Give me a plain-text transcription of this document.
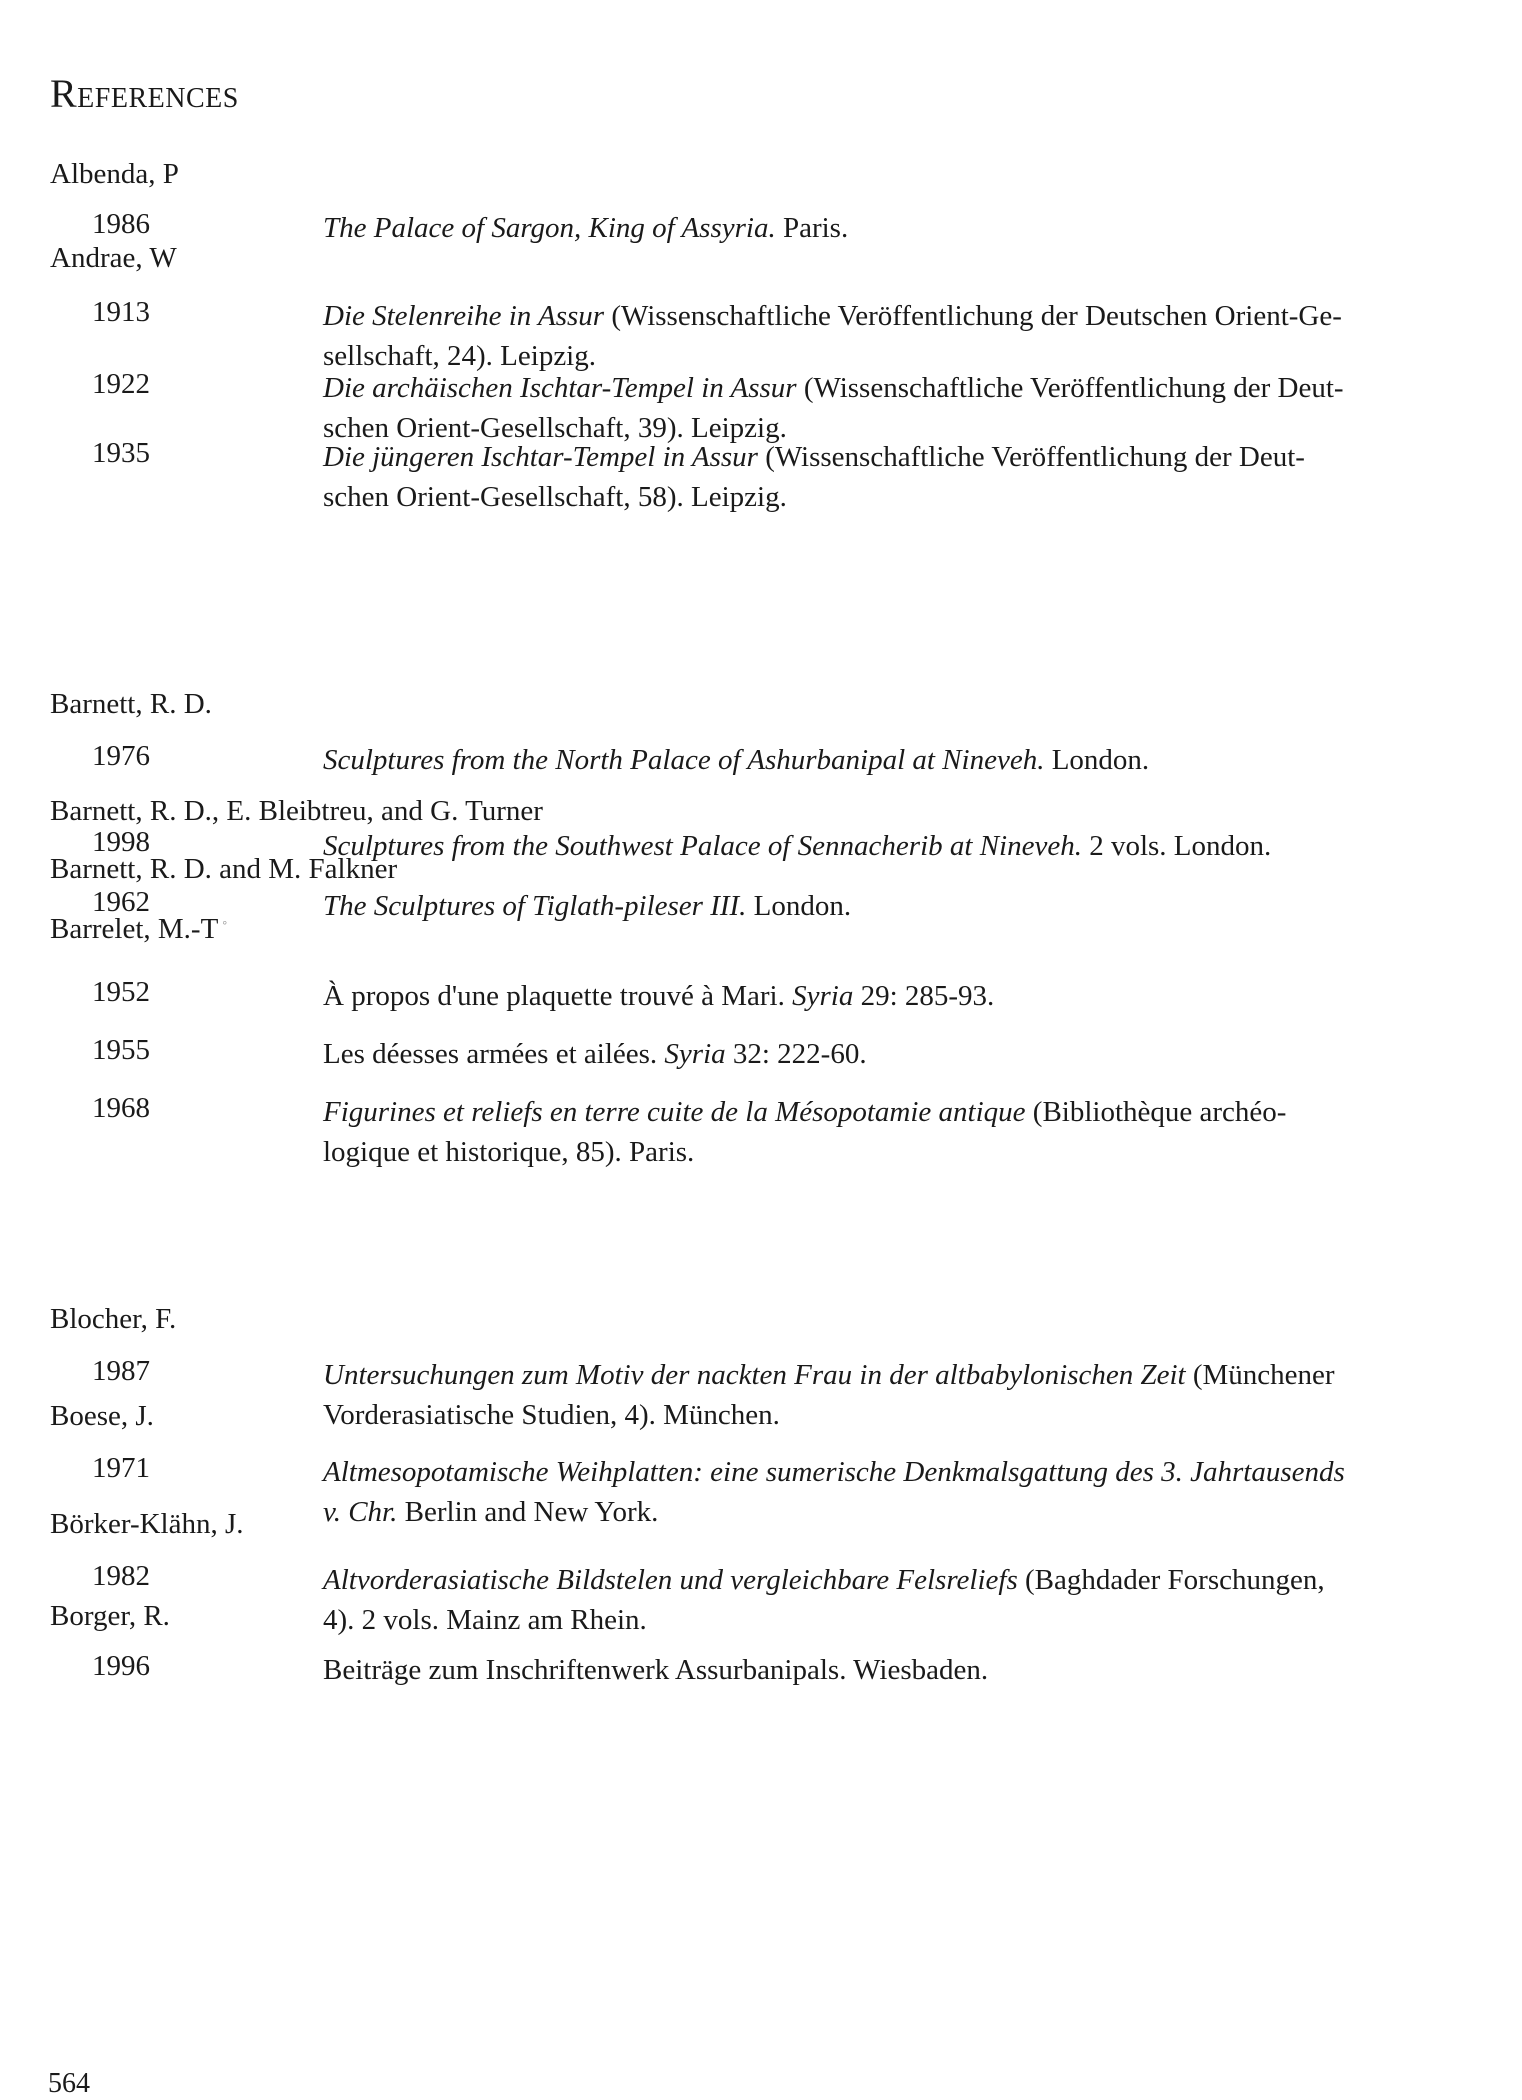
References
Albenda, P
1986	The Palace of Sargon, King of Assyria. Paris.
Andrae, W
1913	Die Stelenreihe in Assur (Wissenschaftliche Veröffentlichung der Deutschen Orient-Ge-
sellschaft, 24). Leipzig.
1922	Die archäischen Ischtar-Tempel in Assur (Wissenschaftliche Veröffentlichung der Deut-
schen Orient-Gesellschaft, 39). Leipzig.
1935	Die jüngeren Ischtar-Tempel in Assur (Wissenschaftliche Veröffentlichung der Deut-
schen Orient-Gesellschaft, 58). Leipzig.
Barnett, R. D.
1976	Sculptures from the North Palace of Ashurbanipal at Nineveh. London.
Barnett, R. D., E. Bleibtreu, and G. Turner
1998	Sculptures from the Southwest Palace of Sennacherib at Nineveh. 2 vols. London.
Barnett, R. D. and M. Falkner
1962	The Sculptures of Tiglath-pileser III. London.
Barrelet, M.-T ◦
1952	À propos d'une plaquette trouvé à Mari. Syria 29: 285-93.
1955	Les déesses armées et ailées. Syria 32: 222-60.
1968	Figurines et reliefs en terre cuite de la Mésopotamie antique (Bibliothèque archéo-
logique et historique, 85). Paris.
Blocher, F.
1987	Untersuchungen zum Motiv der nackten Frau in der altbabylonischen Zeit (Münchener
Vorderasiatische Studien, 4). München.
Boese, J.
1971	Altmesopotamische Weihplatten: eine sumerische Denkmalsgattung des 3. Jahrtausends
v. Chr. Berlin and New York.
Börker-Klähn, J.
1982	Altvorderasiatische Bildstelen und vergleichbare Felsreliefs (Baghdader Forschungen,
4). 2 vols. Mainz am Rhein.
Borger, R.
1996	Beiträge zum Inschriftenwerk Assurbanipals. Wiesbaden.
564
